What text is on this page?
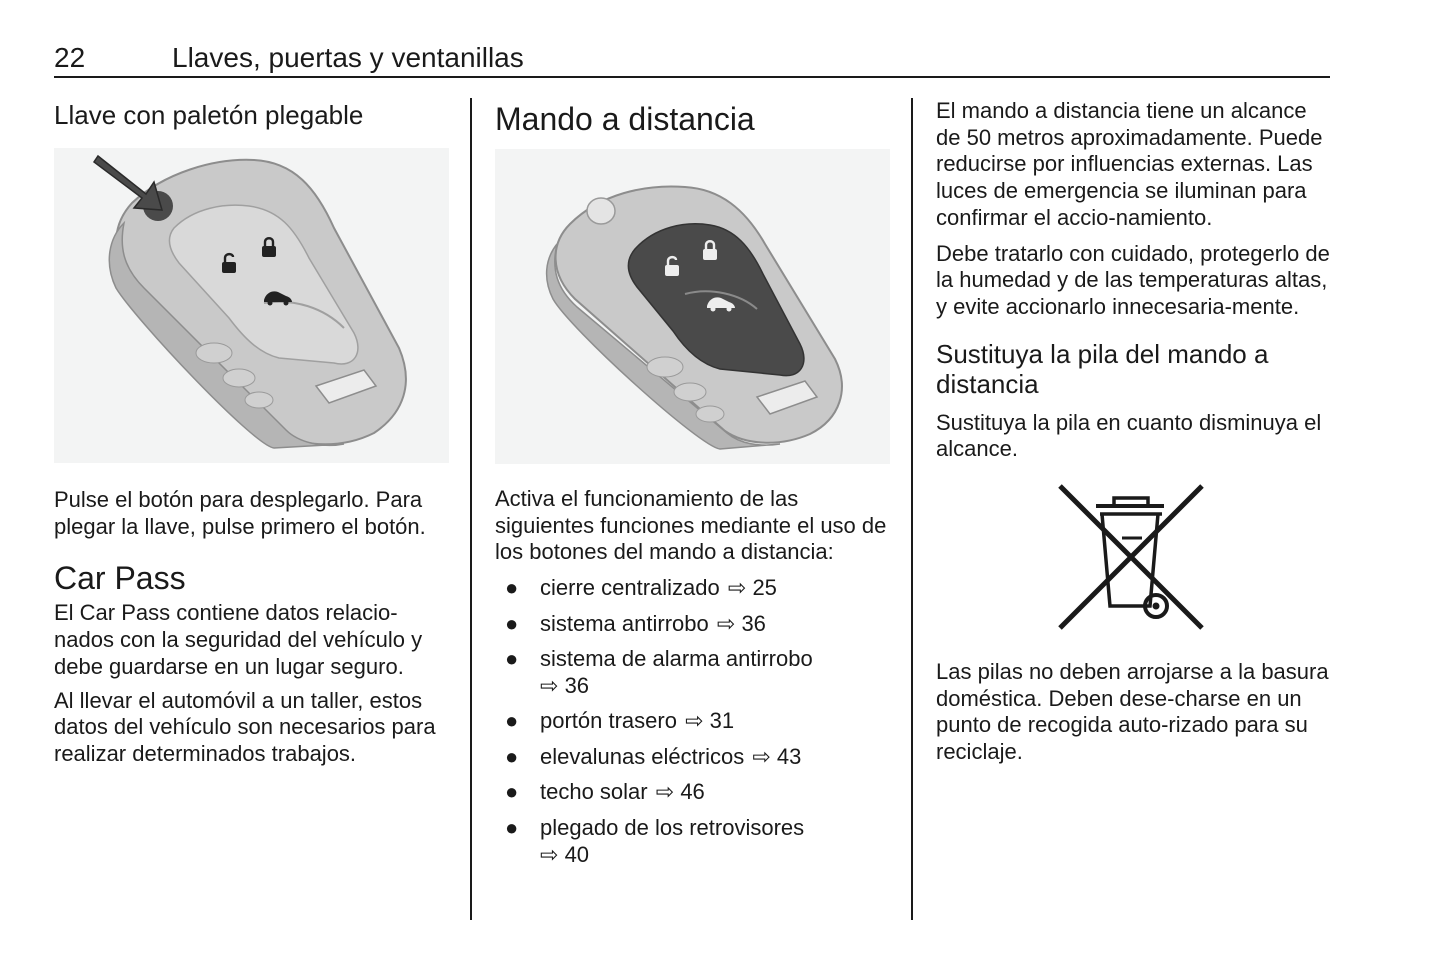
22	Llaves, puertas y ventanillas
Llave con paletón plegable

Pulse el botón para desplegarlo. Para plegar la llave, pulse primero el botón.

Car Pass

El Car Pass contiene datos relacio-nados con la seguridad del vehículo y debe guardarse en un lugar seguro.

Al llevar el automóvil a un taller, estos datos del vehículo son necesarios para realizar determinados trabajos.

Mando a distancia

Activa el funcionamiento de las siguientes funciones mediante el uso de los botones del mando a distancia:

● cierre centralizado ⇨ 25
● sistema antirrobo ⇨ 36
● sistema de alarma antirrobo
⇨ 36
● portón trasero ⇨ 31
● elevalunas eléctricos ⇨ 43
● techo solar ⇨ 46
● plegado de los retrovisores
⇨ 40

El mando a distancia tiene un alcance de 50 metros aproximadamente. Puede reducirse por influencias externas. Las luces de emergencia se iluminan para confirmar el accio-namiento.

Debe tratarlo con cuidado, protegerlo de la humedad y de las temperaturas altas, y evite accionarlo innecesaria-mente.

Sustituya la pila del mando a distancia

Sustituya la pila en cuanto disminuya el alcance.

Las pilas no deben arrojarse a la basura doméstica. Deben dese-charse en un punto de recogida auto-rizado para su reciclaje.
